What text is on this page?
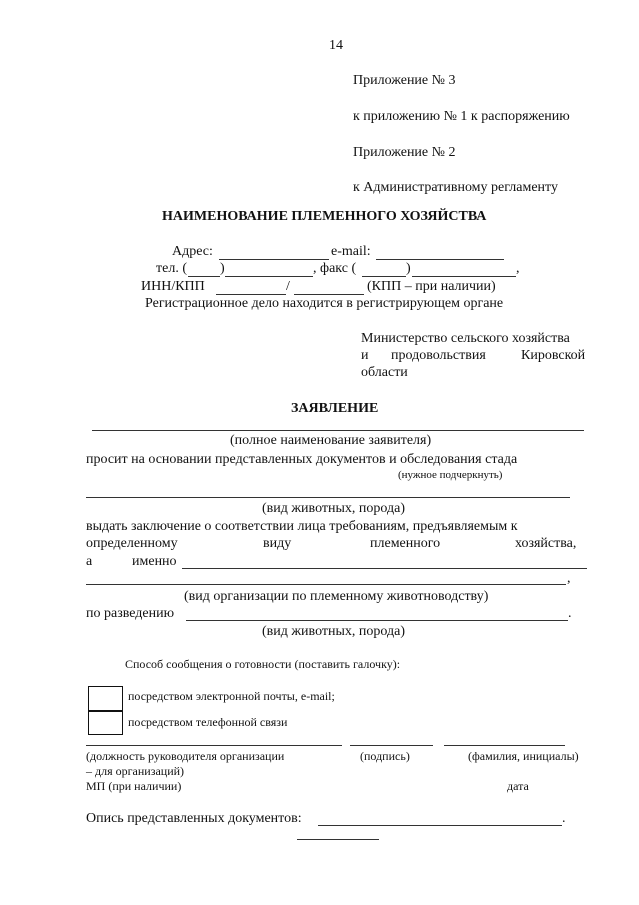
14
Приложение № 3
к приложению № 1 к распоряжению
Приложение № 2
к Административному регламенту
НАИМЕНОВАНИЕ ПЛЕМЕННОГО ХОЗЯЙСТВА
Адрес:	e-mail:
тел. ( )	, факс (	)	,
ИНН/КПП	/	(КПП – при наличии)
Регистрационное дело находится в регистрирующем органе
Министерство сельского хозяйства
и продовольствия	Кировской
области
ЗАЯВЛЕНИЕ
(полное наименование заявителя)
просит на основании представленных документов и обследования стада
(нужное подчеркнуть)
(вид животных, порода)
выдать заключение о соответствии лица требованиям, предъявляемым к
определенному	виду	племенного	хозяйства,
а	именно
,
(вид организации по племенному животноводству)
по разведению	.
(вид животных, порода)
Способ сообщения о готовности (поставить галочку):
посредством электронной почты, e-mail;
посредством телефонной связи
(должность руководителя организации	(подпись)	(фамилия, инициалы)
– для организаций)
МП (при наличии)	дата
Опись представленных документов:	.
